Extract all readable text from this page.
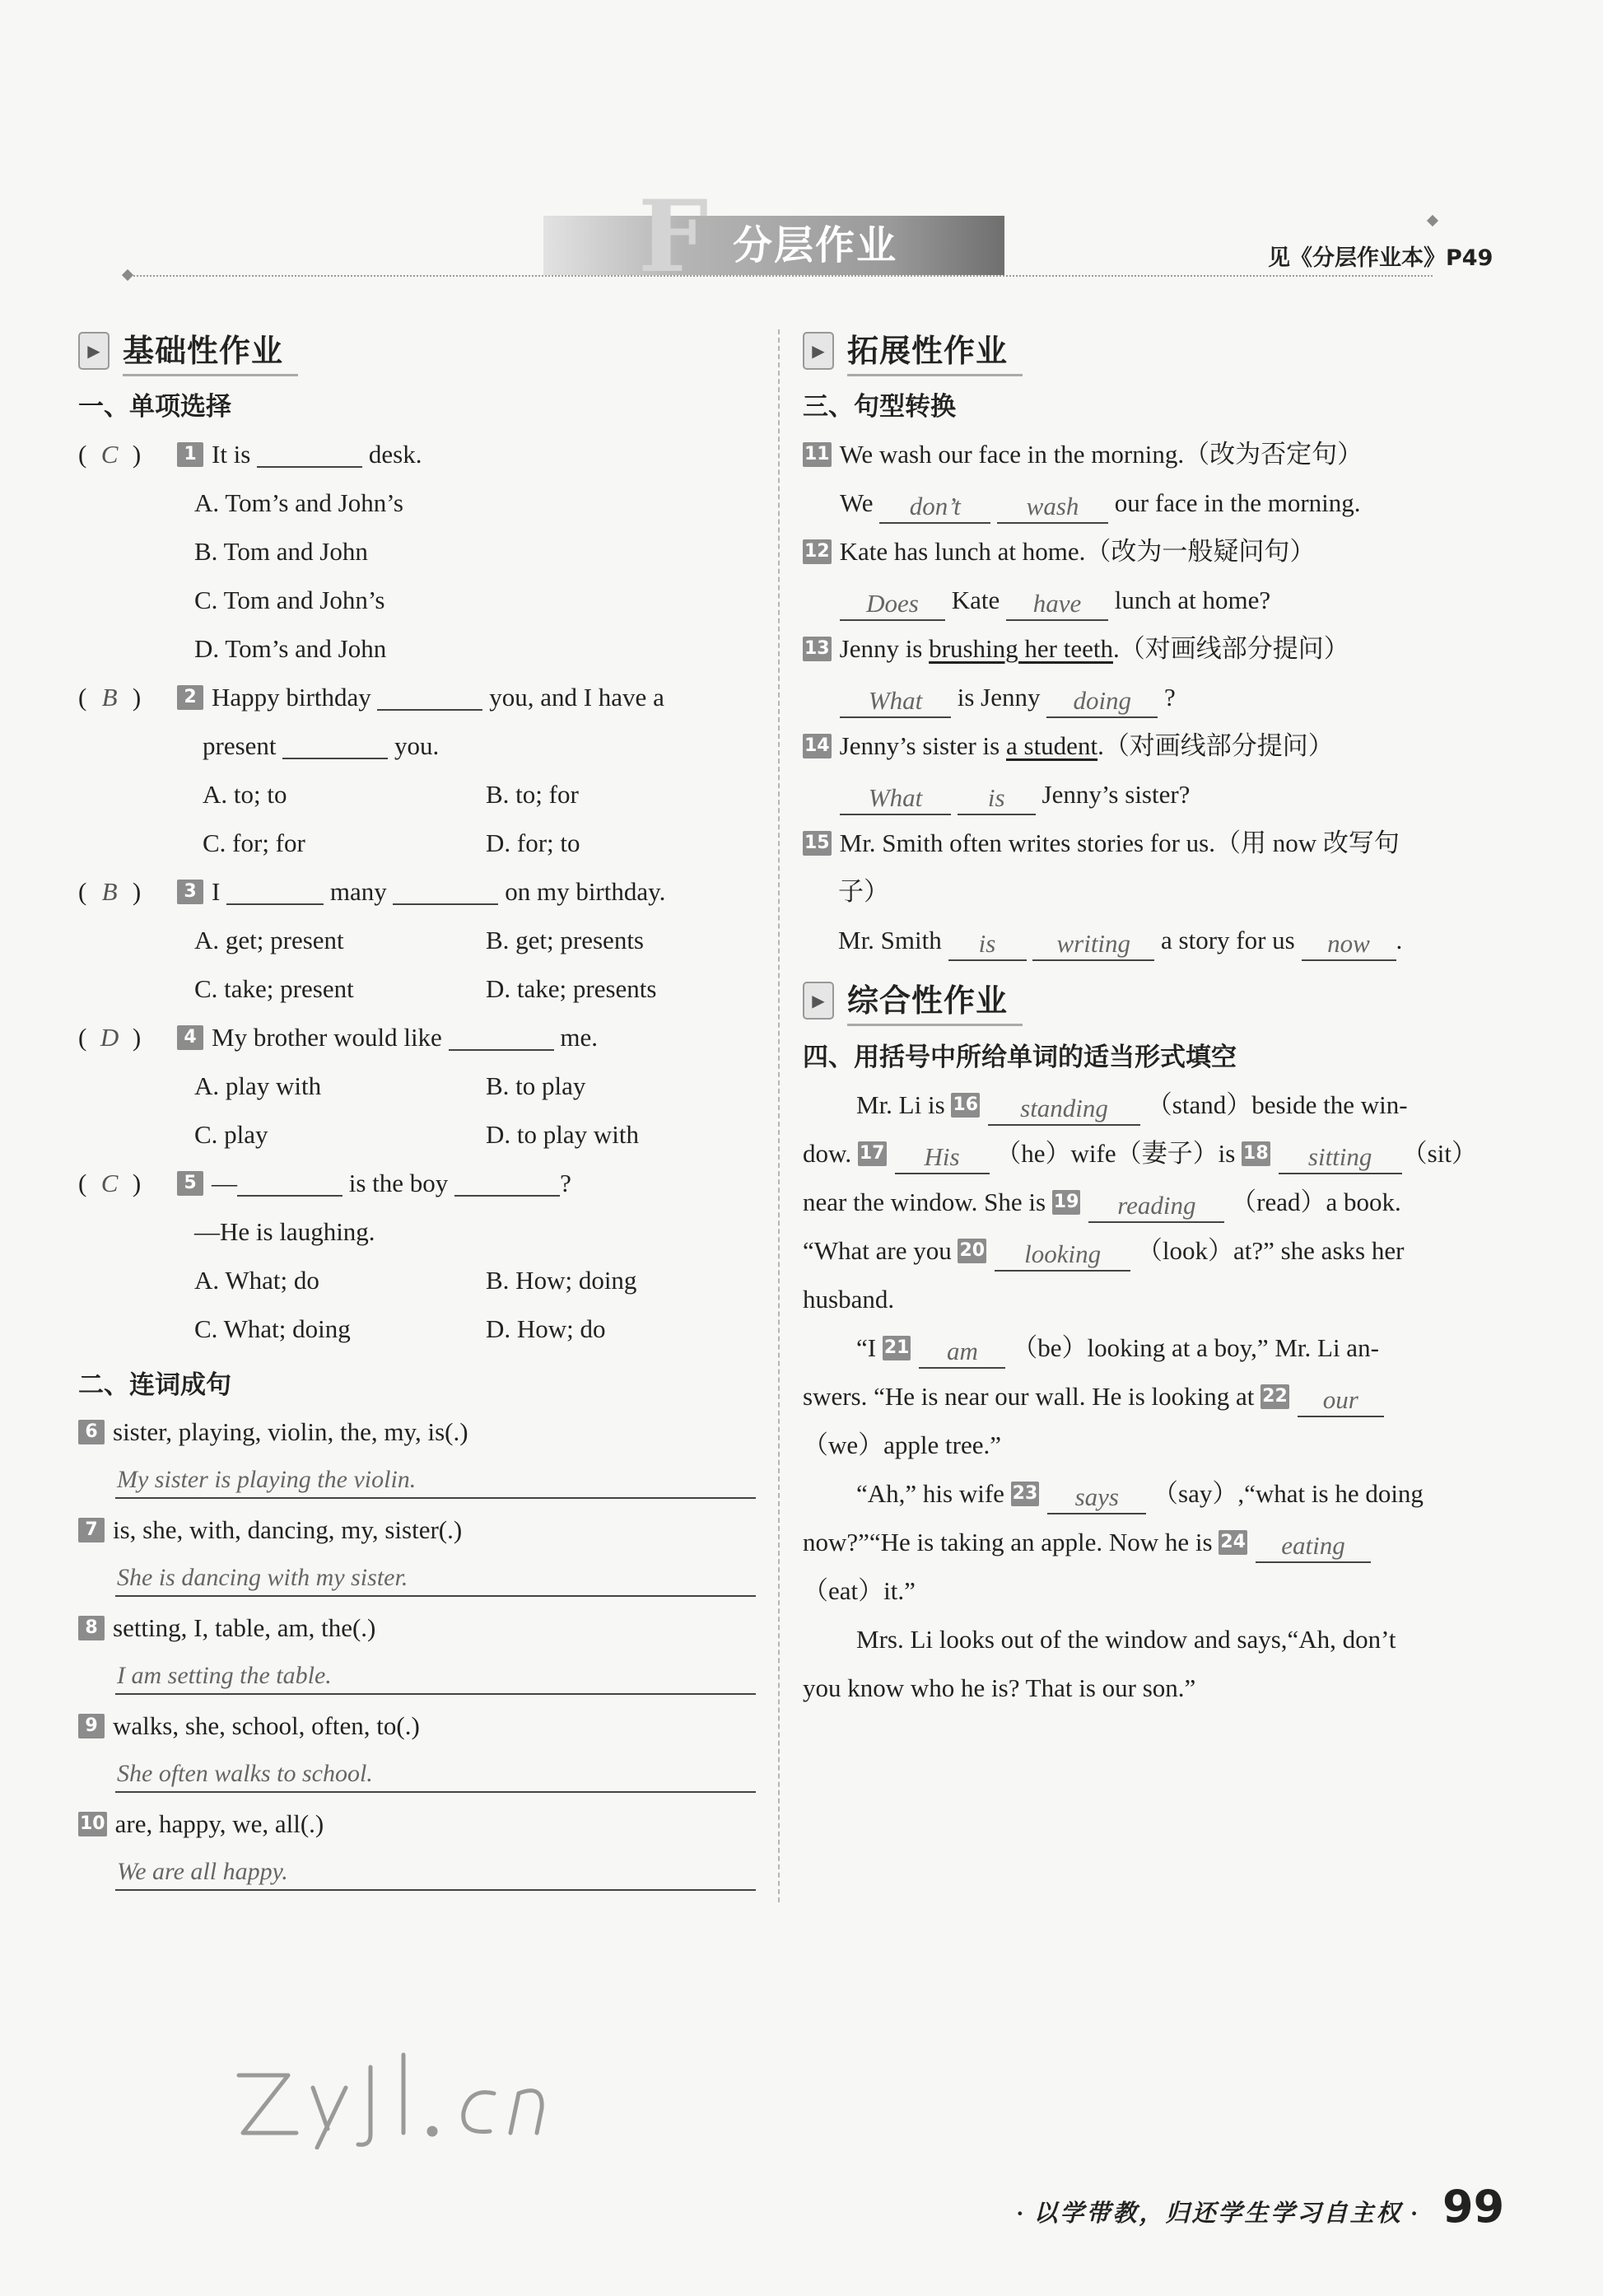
F 分层作业	见《分层作业本》P49
▶ 基础性作业
一、单项选择
( C ) 1 It is	desk.
A. Tom’s and John’s
B. Tom and John
C. Tom and John’s
D. Tom’s and John
( B ) 2 Happy birthday	you, and I have a
present	you.
A. to; to	B. to; for
C. for; for	D. for; to
( B ) 3 I	many	on my birthday.
A. get; present	B. get; presents
C. take; present	D. take; presents
( D ) 4 My brother would like	me.
A. play with	B. to play
C. play	D. to play with
( C ) 5 —	is the boy	?
—He is laughing.
A. What; do	B. How; doing
C. What; doing	D. How; do
二、连词成句
6 sister, playing, violin, the, my, is(.)
My sister is playing the violin.
7 is, she, with, dancing, my, sister(.)
She is dancing with my sister.
8 setting, I, table, am, the(.)
I am setting the table.
9 walks, she, school, often, to(.)
She often walks to school.
10 are, happy, we, all(.)
We are all happy.
▶ 拓展性作业
三、句型转换
11 We wash our face in the morning.（改为否定句）
We don’t	wash our face in the morning.
12 Kate has lunch at home.（改为一般疑问句）
Does Kate have lunch at home?
13 Jenny is brushing her teeth.（对画线部分提问）
What is Jenny doing ?
14 Jenny’s sister is a student.（对画线部分提问）
What	is Jenny’s sister?
15 Mr. Smith often writes stories for us.（用 now 改写句
子）
Mr. Smith is writing a story for us now .
▶ 综合性作业
四、用括号中所给单词的适当形式填空
Mr. Li is 16 standing （stand）beside the win-
dow. 17 His （he）wife（妻子）is 18 sitting （sit）
near the window. She is 19 reading （read）a book.
“What are you 20 looking （look）at?” she asks her
husband.
“I 21 am （be）looking at a boy,” Mr. Li an-
swers. “He is near our wall. He is looking at 22 our
（we）apple tree.”
“Ah,” his wife 23 says （say）,“what is he doing
now?”“He is taking an apple. Now he is 24 eating
（eat）it.”
Mrs. Li looks out of the window and says,“Ah, don’t
you know who he is? That is our son.”
· 以学带教，归还学生学习自主权 · 99
